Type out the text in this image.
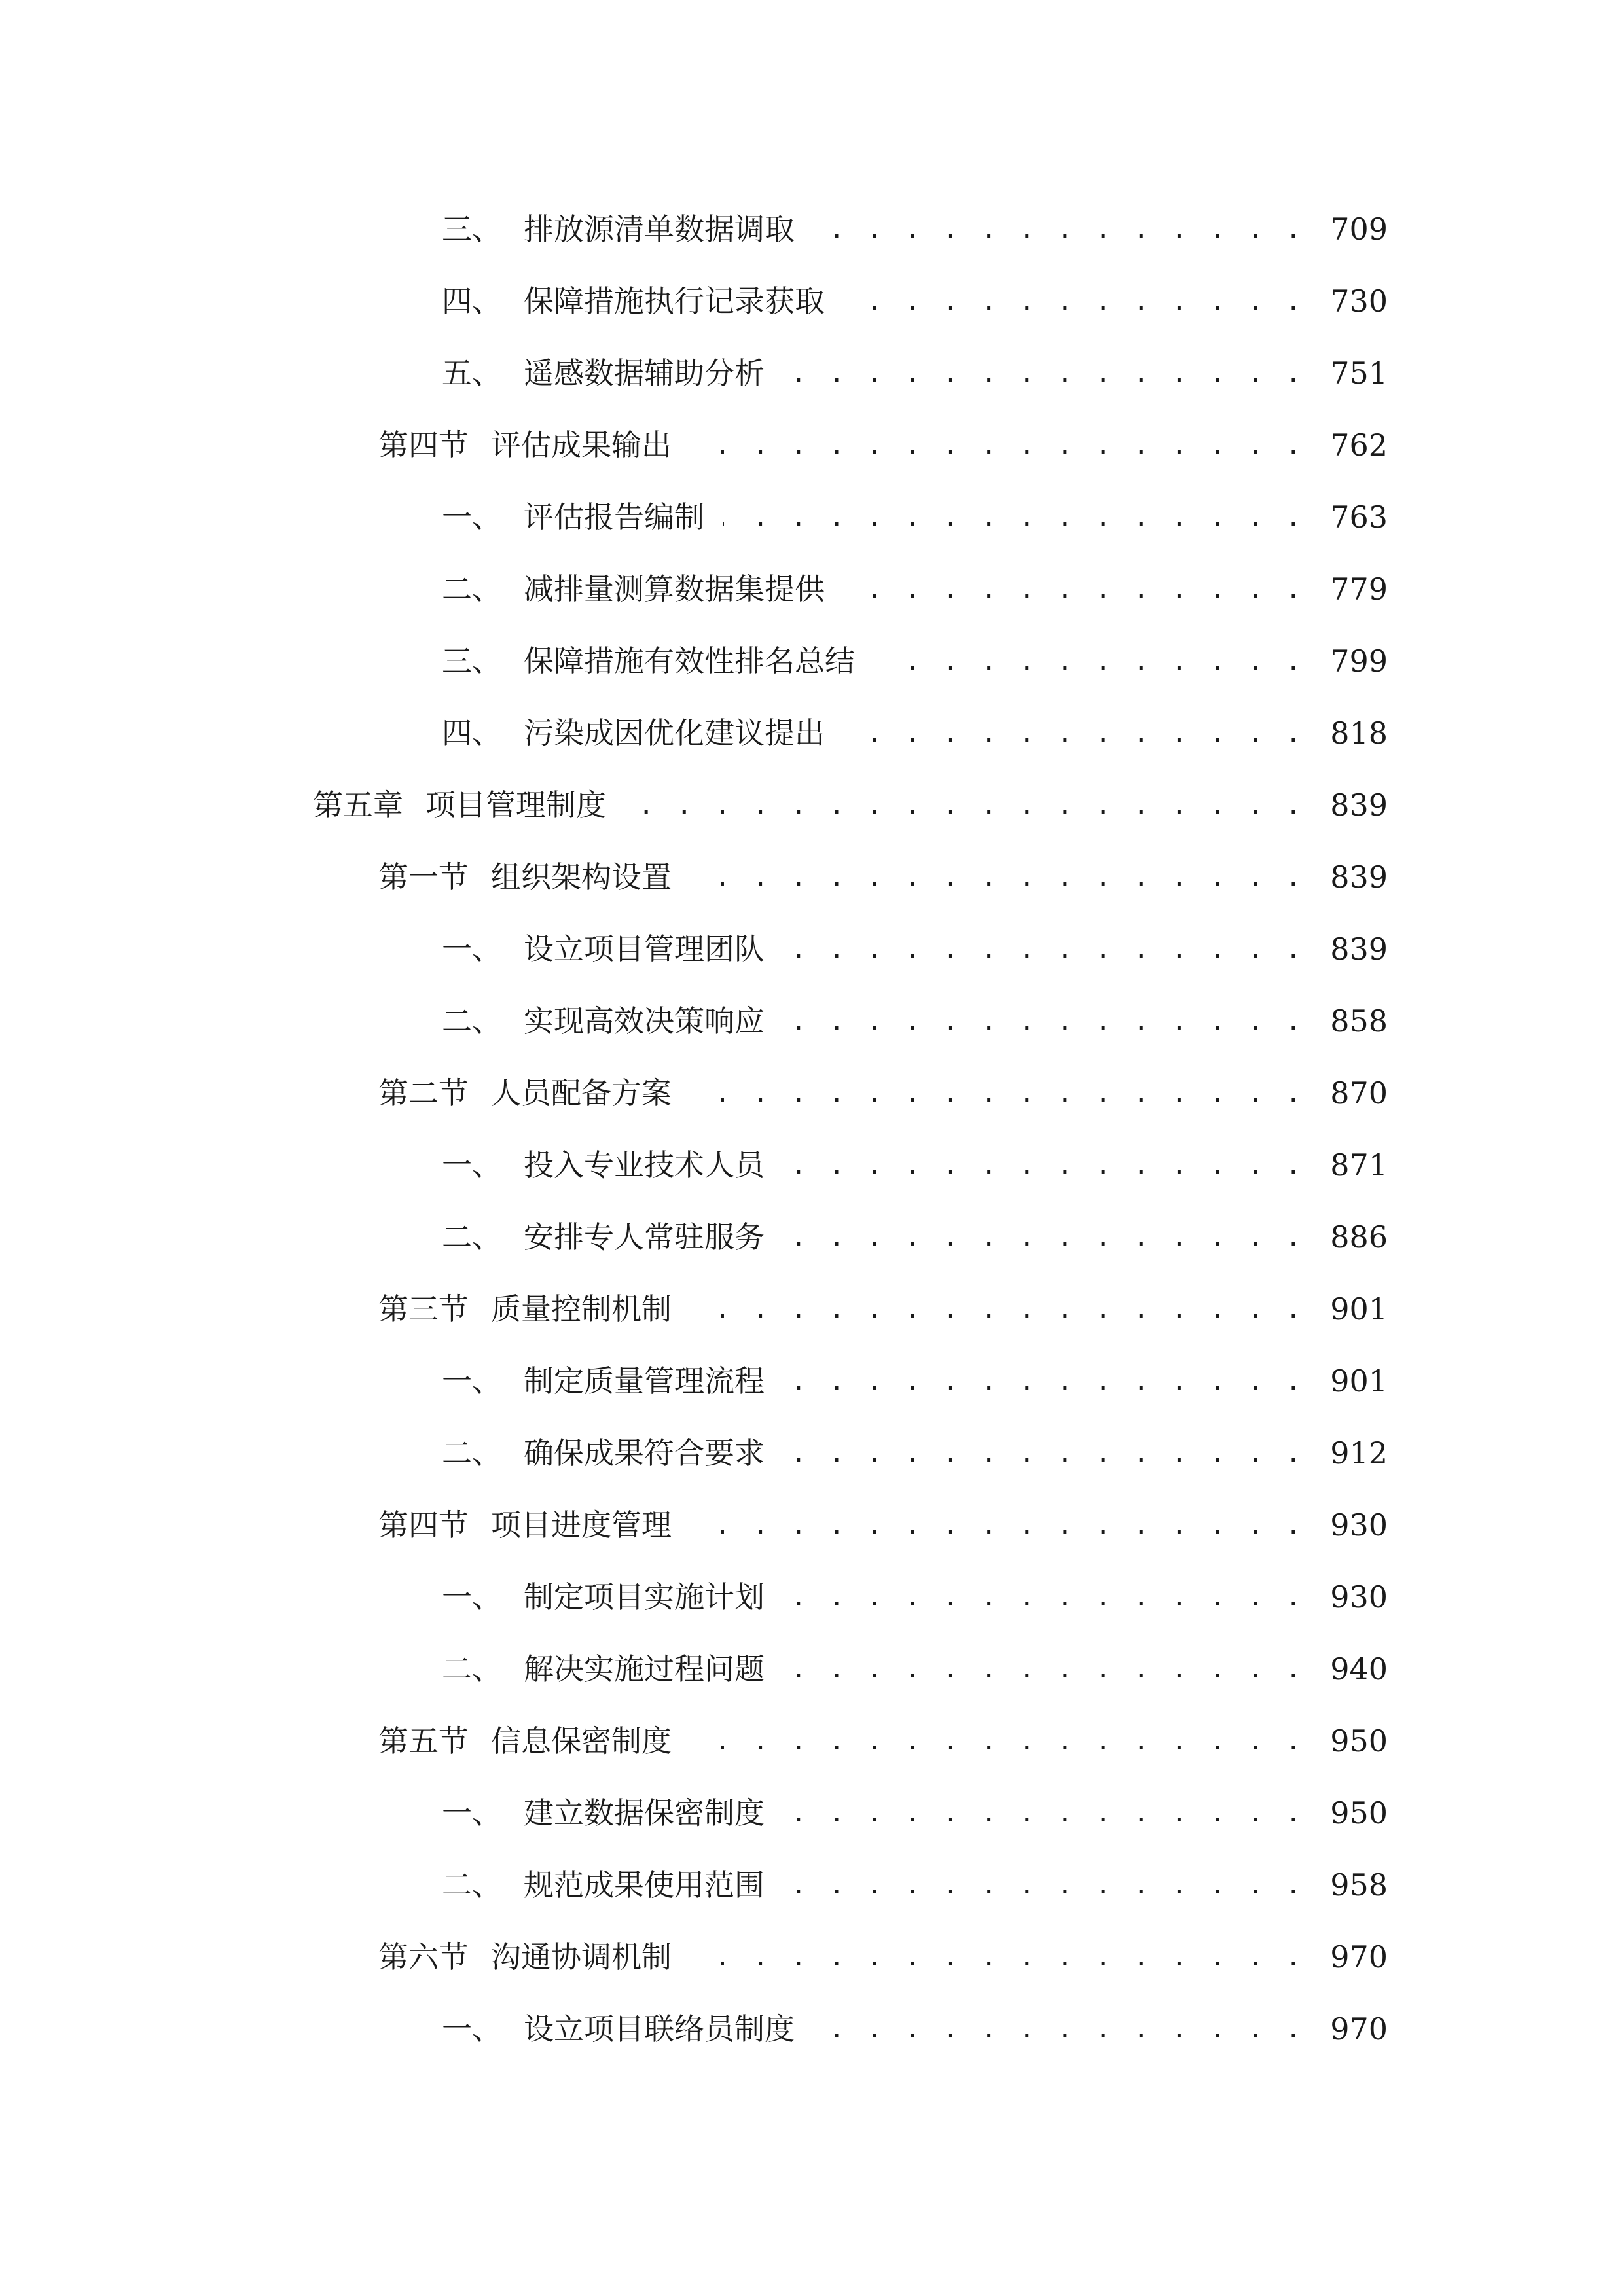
三、 排放源清单数据调取 . . .	709
四、 保障措施执行记录获取 . . .	730
五、 遥感数据辅助分析 . . .	751
第四节 评估成果输出 . . .	762
一、 评估报告编制 . . .	763
二、 减排量测算数据集提供 . . .	779
三、 保障措施有效性排名总结 . . .	799
四、 污染成因优化建议提出 . . .	818
第五章 项目管理制度 . . .	839
第一节 组织架构设置 . . .	839
一、 设立项目管理团队 . . .	839
二、 实现高效决策响应 . . .	858
第二节 人员配备方案 . . .	870
一、 投入专业技术人员 . . .	871
二、 安排专人常驻服务 . . .	886
第三节 质量控制机制 . . .	901
一、 制定质量管理流程 . . .	901
二、 确保成果符合要求 . . .	912
第四节 项目进度管理 . . .	930
一、 制定项目实施计划 . . .	930
二、 解决实施过程问题 . . .	940
第五节 信息保密制度 . . .	950
一、 建立数据保密制度 . . .	950
二、 规范成果使用范围 . . .	958
第六节 沟通协调机制 . . .	970
一、 设立项目联络员制度 . . .	970
